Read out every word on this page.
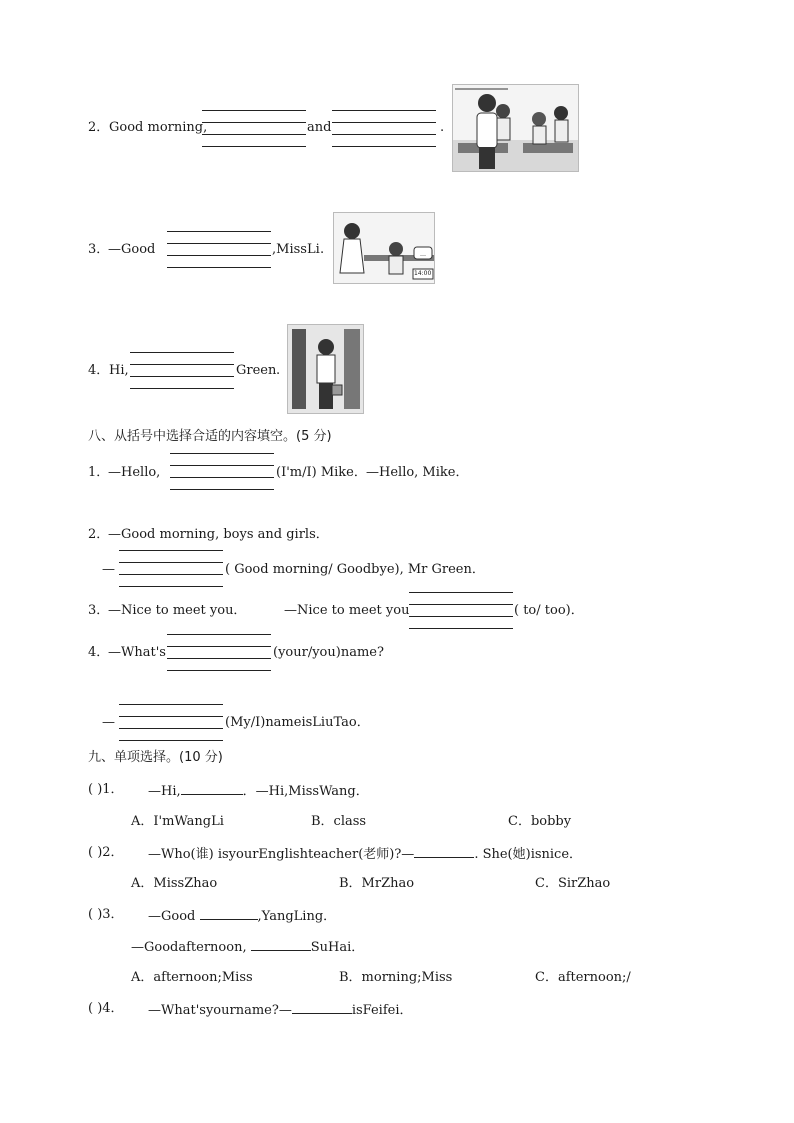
2． Good morning,	and	.
3．
—Good	,MissLi .	…
14:00
4． Hi,	Green .
八、从括号中选择合适的内容填空。(5 分)
1．
—Hello,	(I'm/I) Mike． —Hello, Mike．
2．
—Good morning, boys and girls．
—	( Good morning/ Goodbye), Mr Green．
3．
—Nice to meet you．	—Nice to meet you	( to/ too)．
4．
—What's	(your/you)name?
—	(My/I)nameisLiuTao．
九、单项选择。(10 分)
( )1． —Hi,	．—Hi,MissWang．
A．I'mWangLi	B．class	C．bobby
( )2． —Who(谁) isyourEnglishteacher(老师)?—	. She(她)isnice．
A．MissZhao	B．MrZhao	C．SirZhao
( )3． —Good	,YangLing．
—Goodafternoon,	SuHai．
A．afternoon;Miss	B．morning;Miss	C．afternoon;/
( )4． —What'syourname?—	isFeifei．
